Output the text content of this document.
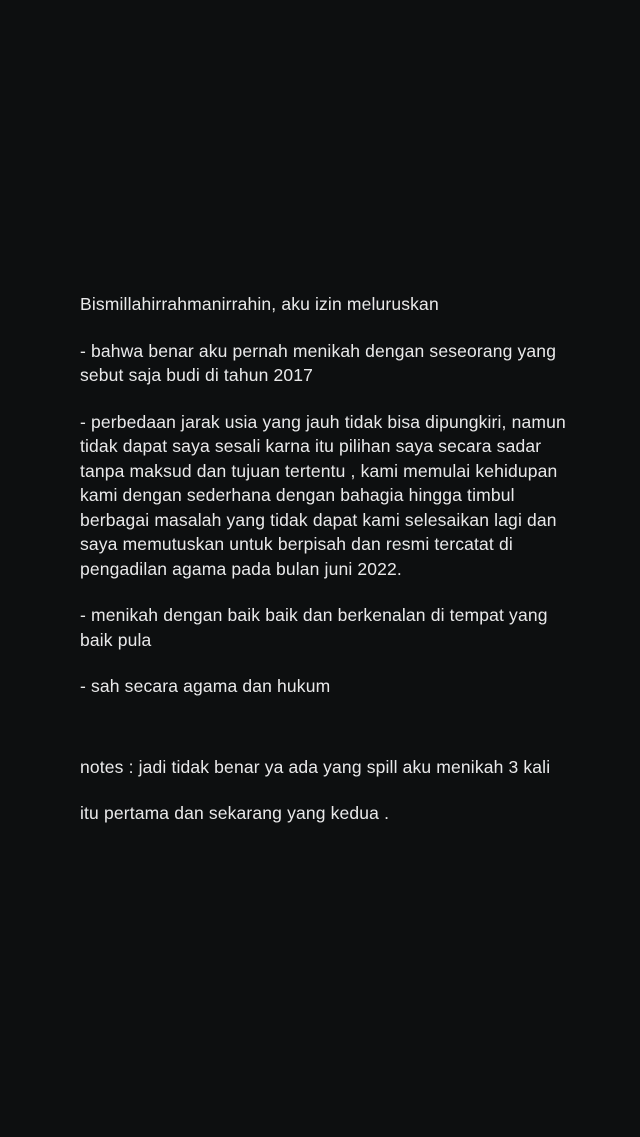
Bismillahirrahmanirrahin, aku izin meluruskan

- bahwa benar aku pernah menikah dengan seseorang yang sebut saja budi di tahun 2017

- perbedaan jarak usia yang jauh tidak bisa dipungkiri, namun tidak dapat saya sesali karna itu pilihan saya secara sadar tanpa maksud dan tujuan tertentu , kami memulai kehidupan kami dengan sederhana dengan bahagia hingga timbul berbagai masalah yang tidak dapat kami selesaikan lagi dan saya memutuskan untuk berpisah dan resmi tercatat di pengadilan agama pada bulan juni 2022.

- menikah dengan baik baik dan berkenalan di tempat yang baik pula

- sah secara agama dan hukum

notes : jadi tidak benar ya ada yang spill aku menikah 3 kali

itu pertama dan sekarang yang kedua .
